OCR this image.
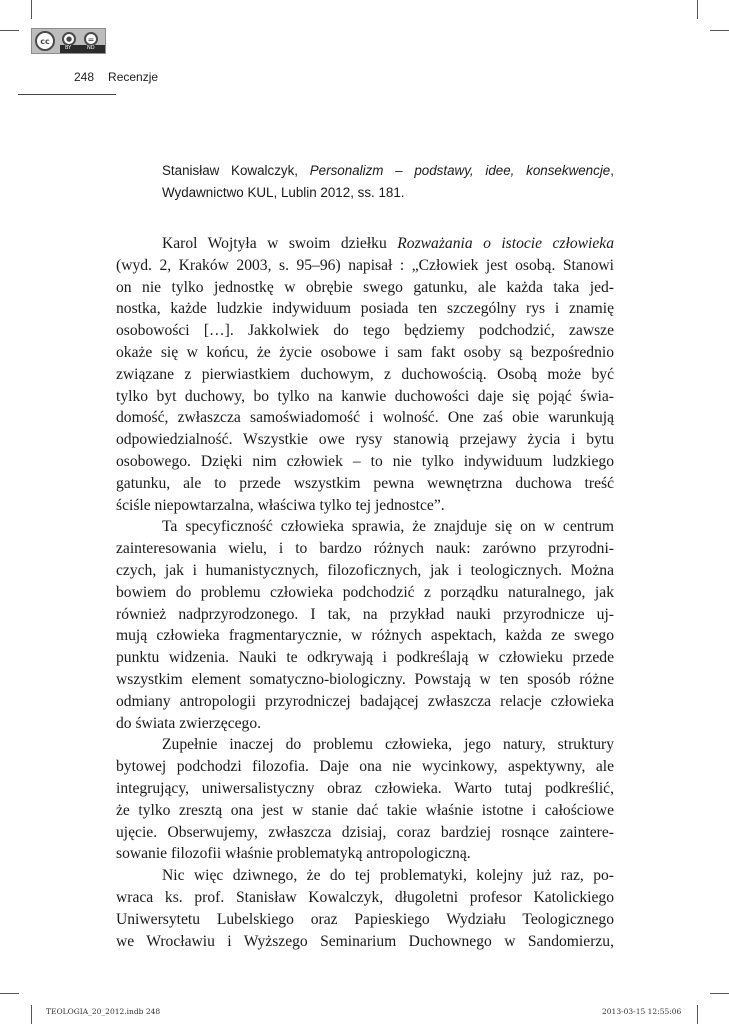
cc	●	=
BY	ND
248 Recenzje
Stanisław Kowalczyk, Personalizm – podstawy, idee, konsekwencje, Wydawnictwo KUL, Lublin 2012, ss. 181.
Karol Wojtyła w swoim dziełku Rozważania o istocie człowieka
(wyd. 2, Kraków 2003, s. 95–96) napisał : „Człowiek jest osobą. Stanowi
on nie tylko jednostkę w obrębie swego gatunku, ale każda taka jed-
nostka, każde ludzkie indywiduum posiada ten szczególny rys i znamię
osobowości […]. Jakkolwiek do tego będziemy podchodzić, zawsze
okaże się w końcu, że życie osobowe i sam fakt osoby są bezpośrednio
związane z pierwiastkiem duchowym, z duchowością. Osobą może być
tylko byt duchowy, bo tylko na kanwie duchowości daje się pojąć świa-
domość, zwłaszcza samoświadomość i wolność. One zaś obie warunkują
odpowiedzialność. Wszystkie owe rysy stanowią przejawy życia i bytu
osobowego. Dzięki nim człowiek – to nie tylko indywiduum ludzkiego
gatunku, ale to przede wszystkim pewna wewnętrzna duchowa treść
ściśle niepowtarzalna, właściwa tylko tej jednostce”.
Ta specyficzność człowieka sprawia, że znajduje się on w centrum
zainteresowania wielu, i to bardzo różnych nauk: zarówno przyrodni-
czych, jak i humanistycznych, filozoficznych, jak i teologicznych. Można
bowiem do problemu człowieka podchodzić z porządku naturalnego, jak
również nadprzyrodzonego. I tak, na przykład nauki przyrodnicze uj-
mują człowieka fragmentarycznie, w różnych aspektach, każda ze swego
punktu widzenia. Nauki te odkrywają i podkreślają w człowieku przede
wszystkim element somatyczno-biologiczny. Powstają w ten sposób różne
odmiany antropologii przyrodniczej badającej zwłaszcza relacje człowieka
do świata zwierzęcego.
Zupełnie inaczej do problemu człowieka, jego natury, struktury
bytowej podchodzi filozofia. Daje ona nie wycinkowy, aspektywny, ale
integrujący, uniwersalistyczny obraz człowieka. Warto tutaj podkreślić,
że tylko zresztą ona jest w stanie dać takie właśnie istotne i całościowe
ujęcie. Obserwujemy, zwłaszcza dzisiaj, coraz bardziej rosnące zaintere-
sowanie filozofii właśnie problematyką antropologiczną.
Nic więc dziwnego, że do tej problematyki, kolejny już raz, po-
wraca ks. prof. Stanisław Kowalczyk, długoletni profesor Katolickiego
Uniwersytetu Lubelskiego oraz Papieskiego Wydziału Teologicznego
we Wrocławiu i Wyższego Seminarium Duchownego w Sandomierzu,
TEOLOGIA_20_2012.indb 248	2013-03-15 12:55:06
